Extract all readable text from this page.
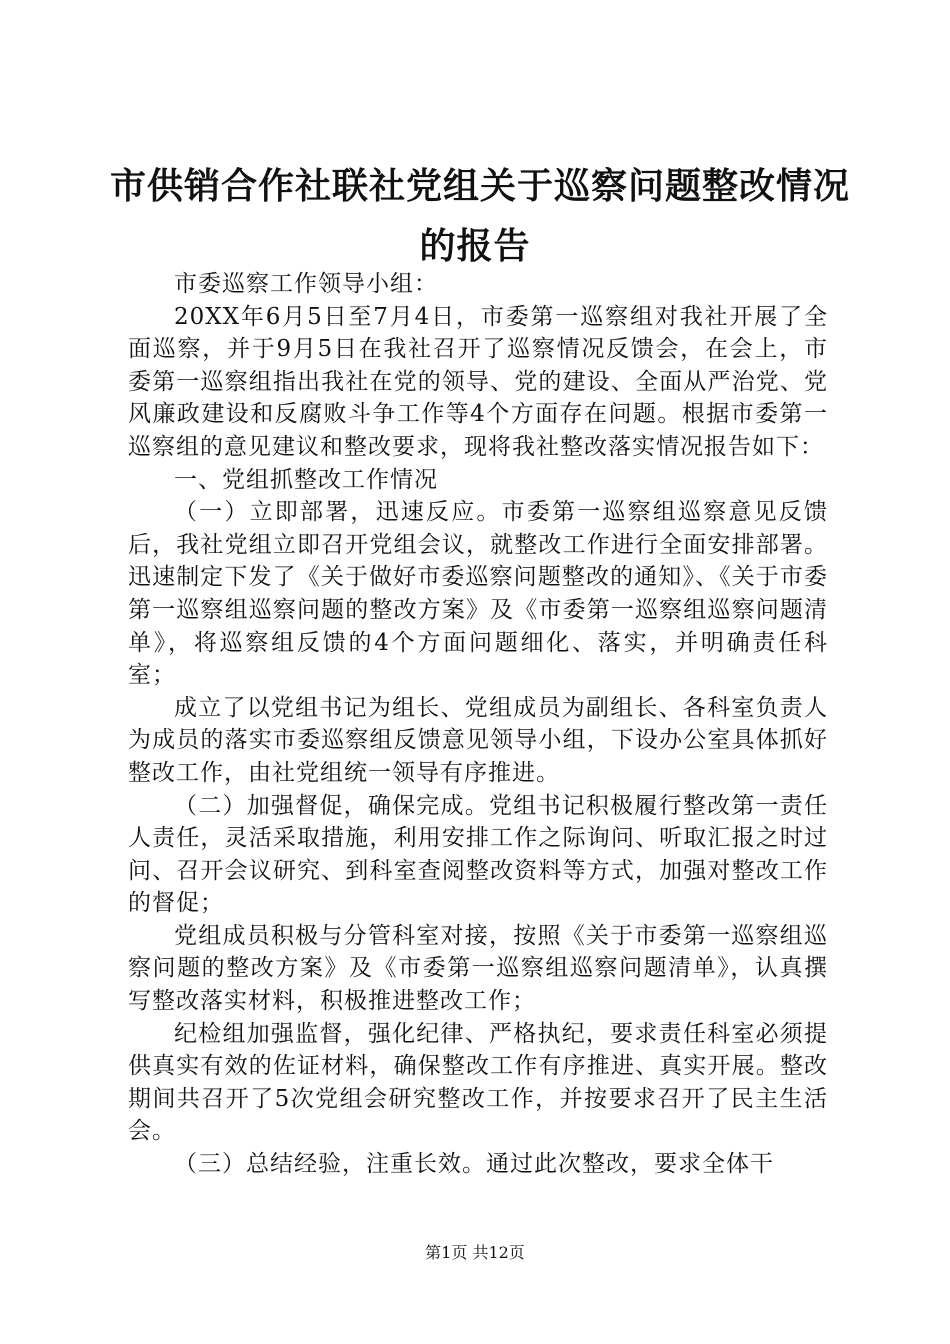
市供销合作社联社党组关于巡察问题整改情况
的报告

市委巡察工作领导小组：

20XX年6月5日至7月4日，市委第一巡察组对我社开展了全面巡察，并于9月5日在我社召开了巡察情况反馈会，在会上，市委第一巡察组指出我社在党的领导、党的建设、全面从严治党、党风廉政建设和反腐败斗争工作等4个方面存在问题。根据市委第一巡察组的意见建议和整改要求，现将我社整改落实情况报告如下：

一、党组抓整改工作情况

（一）立即部署，迅速反应。市委第一巡察组巡察意见反馈后，我社党组立即召开党组会议，就整改工作进行全面安排部署。迅速制定下发了《关于做好市委巡察问题整改的通知》、《关于市委第一巡察组巡察问题的整改方案》及《市委第一巡察组巡察问题清单》，将巡察组反馈的4个方面问题细化、落实，并明确责任科室；

成立了以党组书记为组长、党组成员为副组长、各科室负责人为成员的落实市委巡察组反馈意见领导小组，下设办公室具体抓好整改工作，由社党组统一领导有序推进。

（二）加强督促，确保完成。党组书记积极履行整改第一责任人责任，灵活采取措施，利用安排工作之际询问、听取汇报之时过问、召开会议研究、到科室查阅整改资料等方式，加强对整改工作的督促；

党组成员积极与分管科室对接，按照《关于市委第一巡察组巡察问题的整改方案》及《市委第一巡察组巡察问题清单》，认真撰写整改落实材料，积极推进整改工作；

纪检组加强监督，强化纪律、严格执纪，要求责任科室必须提供真实有效的佐证材料，确保整改工作有序推进、真实开展。整改期间共召开了5次党组会研究整改工作，并按要求召开了民主生活会。

（三）总结经验，注重长效。通过此次整改，要求全体干

第1页 共12页
